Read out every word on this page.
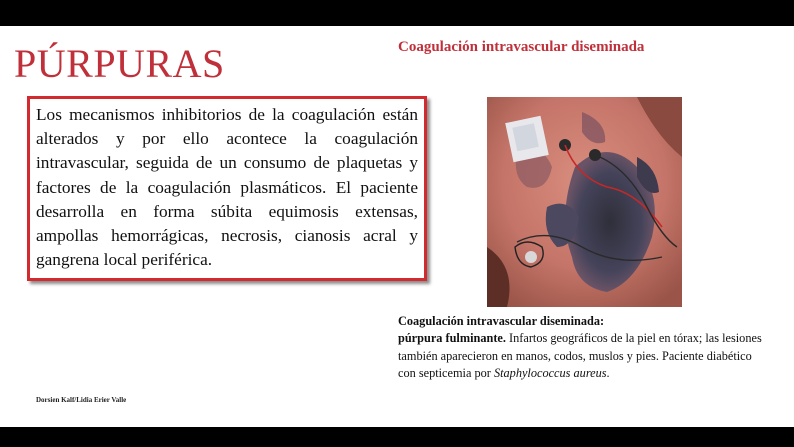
PÚRPURAS	Coagulación intravascular diseminada
Los mecanismos inhibitorios de la coagulación están alterados y por ello acontece la coagulación intravascular, seguida de un consumo de plaquetas y factores de la coagulación plasmáticos. El paciente desarrolla en forma súbita equimosis extensas, ampollas hemorrágicas, necrosis, cianosis acral y gangrena local periférica.
Coagulación intravascular diseminada:
púrpura fulminante. Infartos geográficos de la piel en tórax; las lesiones también aparecieron en manos, codos, muslos y pies. Paciente diabético con septicemia por Staphylococcus aureus.
Dorsien Kalf/Lidia Erier Valle
